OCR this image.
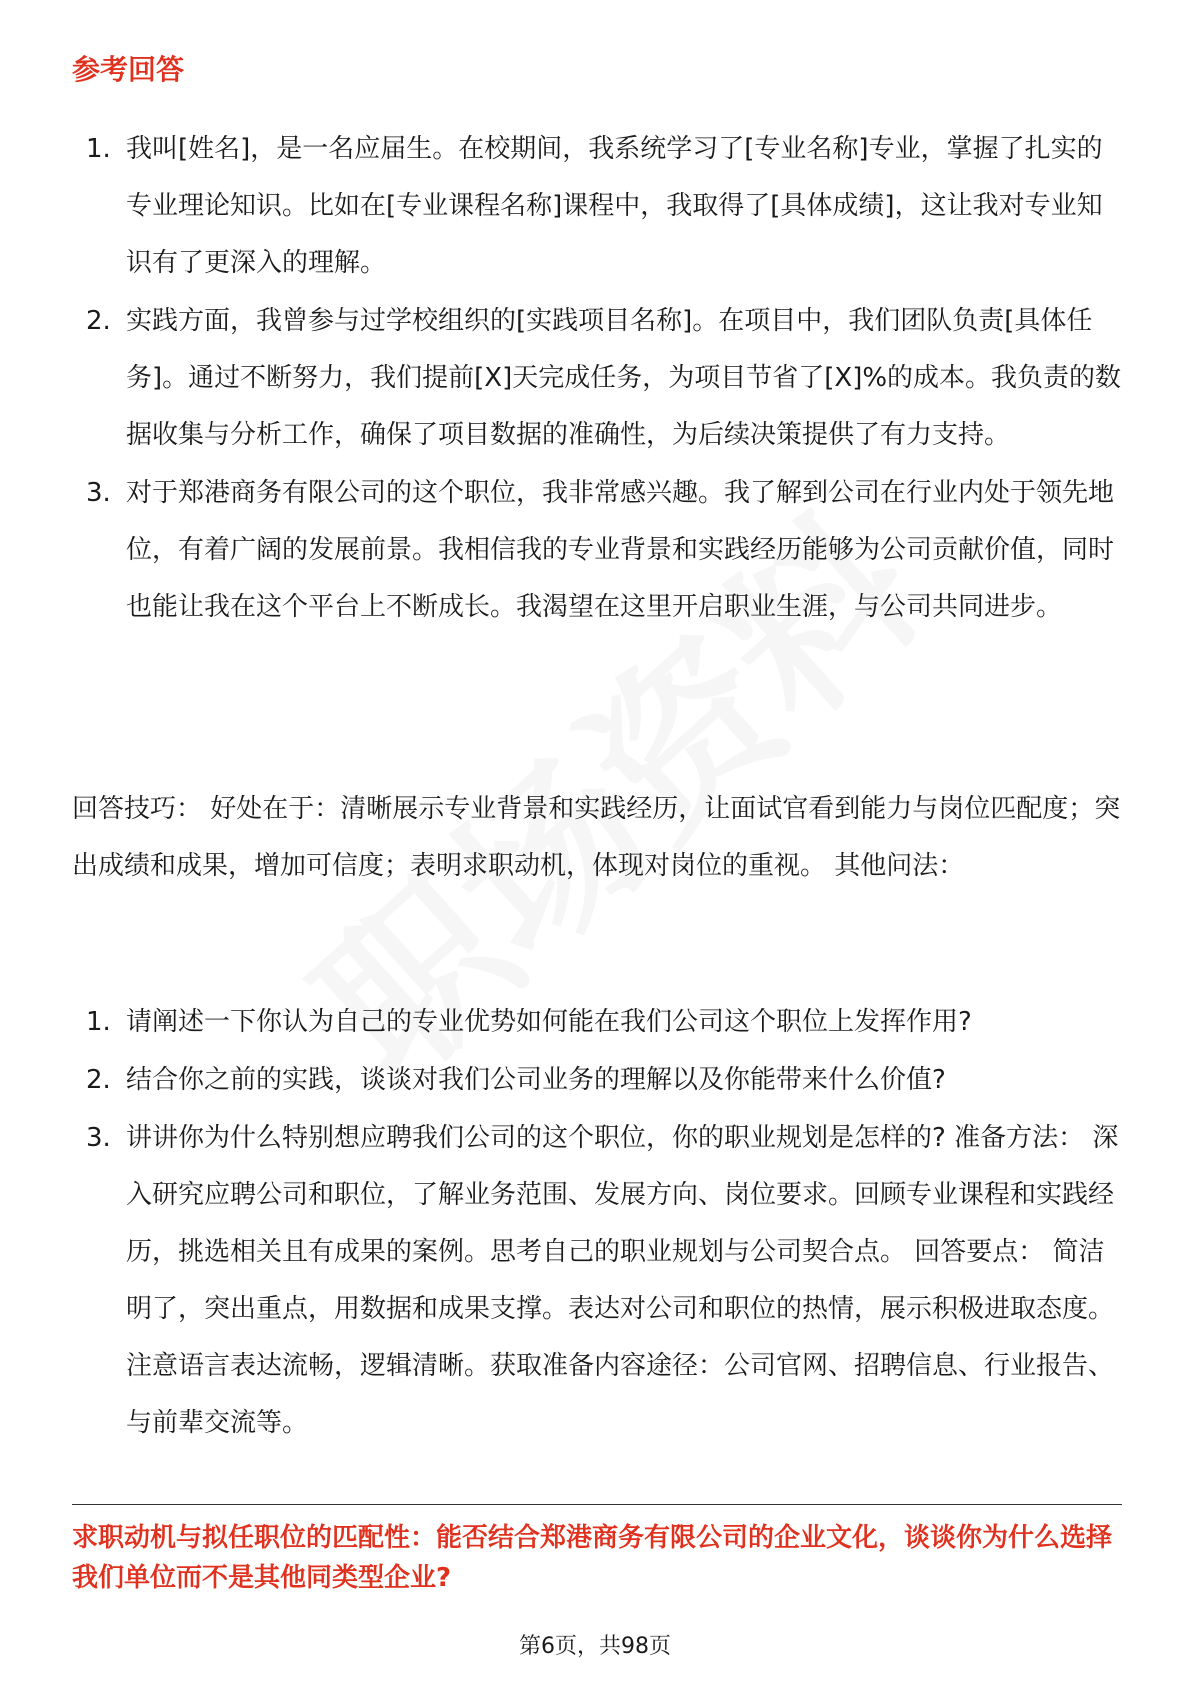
参考回答
1. 我叫[姓名]，是一名应届生。在校期间，我系统学习了[专业名称]专业，掌握了扎实的专业理论知识。比如在[专业课程名称]课程中，我取得了[具体成绩]，这让我对专业知识有了更深入的理解。
2. 实践方面，我曾参与过学校组织的[实践项目名称]。在项目中，我们团队负责[具体任务]。通过不断努力，我们提前[X]天完成任务，为项目节省了[X]%的成本。我负责的数据收集与分析工作，确保了项目数据的准确性，为后续决策提供了有力支持。
3. 对于郑港商务有限公司的这个职位，我非常感兴趣。我了解到公司在行业内处于领先地位，有着广阔的发展前景。我相信我的专业背景和实践经历能够为公司贡献价值，同时也能让我在这个平台上不断成长。我渴望在这里开启职业生涯，与公司共同进步。

回答技巧： 好处在于：清晰展示专业背景和实践经历，让面试官看到能力与岗位匹配度；突出成绩和成果，增加可信度；表明求职动机，体现对岗位的重视。 其他问法：

1. 请阐述一下你认为自己的专业优势如何能在我们公司这个职位上发挥作用?
2. 结合你之前的实践，谈谈对我们公司业务的理解以及你能带来什么价值?
3. 讲讲你为什么特别想应聘我们公司的这个职位，你的职业规划是怎样的? 准备方法： 深入研究应聘公司和职位，了解业务范围、发展方向、岗位要求。回顾专业课程和实践经历，挑选相关且有成果的案例。思考自己的职业规划与公司契合点。 回答要点： 简洁明了，突出重点，用数据和成果支撑。表达对公司和职位的热情，展示积极进取态度。注意语言表达流畅，逻辑清晰。获取准备内容途径：公司官网、招聘信息、行业报告、与前辈交流等。

求职动机与拟任职位的匹配性：能否结合郑港商务有限公司的企业文化，谈谈你为什么选择我们单位而不是其他同类型企业?

第6页，共98页
